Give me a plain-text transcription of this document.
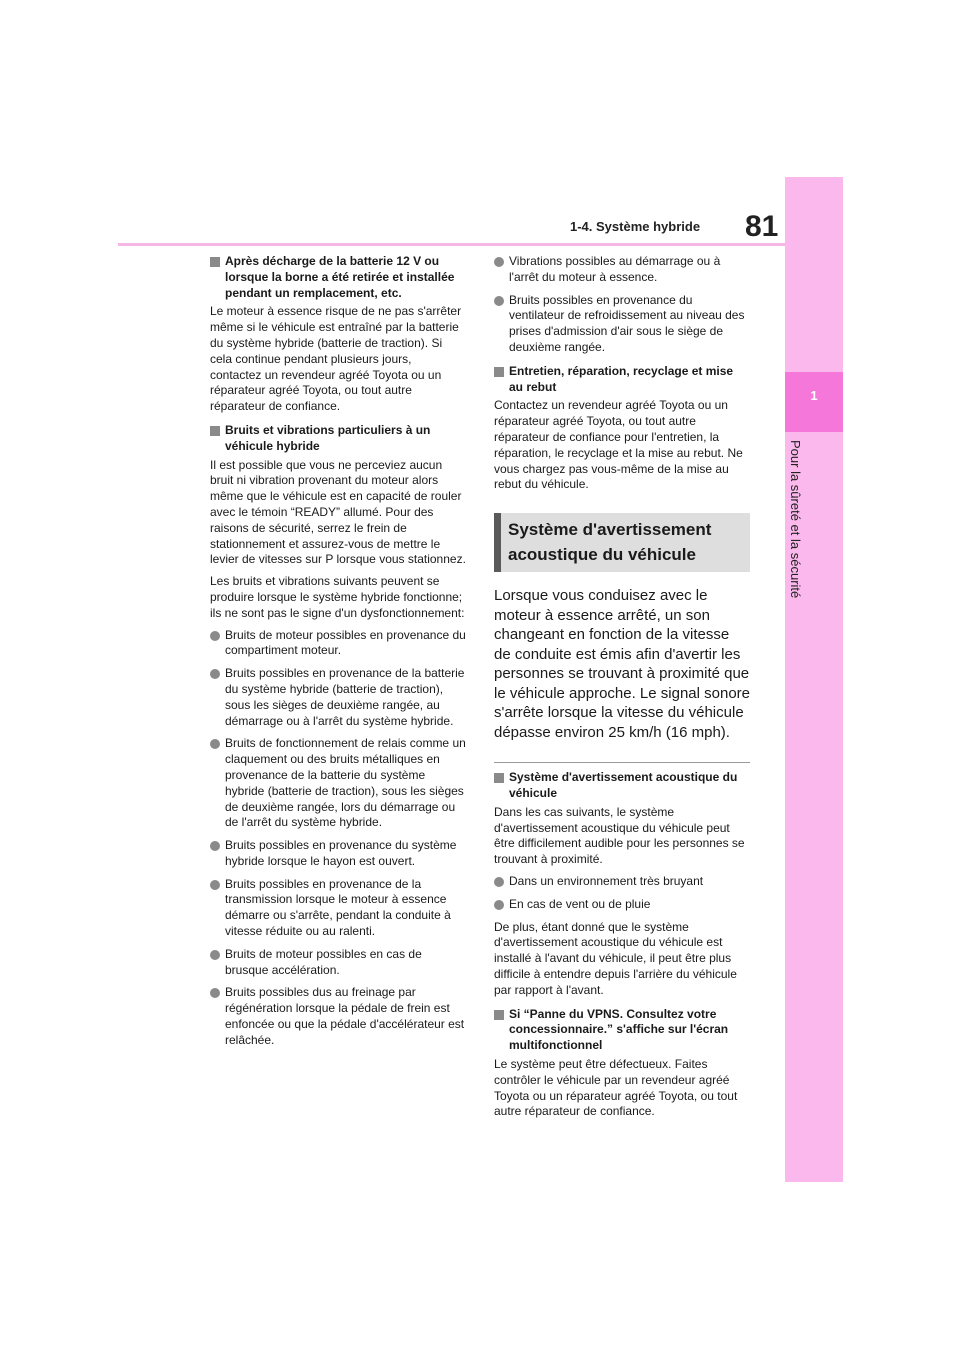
1-4. Système hybride 81
1
Pour la sûreté et la sécurité
Après décharge de la batterie 12 V ou lorsque la borne a été retirée et installée pendant un remplacement, etc.

Le moteur à essence risque de ne pas s'arrêter même si le véhicule est entraîné par la batterie du système hybride (batterie de traction). Si cela continue pendant plusieurs jours, contactez un revendeur agréé Toyota ou un réparateur agréé Toyota, ou tout autre réparateur de confiance.

Bruits et vibrations particuliers à un véhicule hybride

Il est possible que vous ne perceviez aucun bruit ni vibration provenant du moteur alors même que le véhicule est en capacité de rouler avec le témoin “READY” allumé. Pour des raisons de sécurité, serrez le frein de stationnement et assurez-vous de mettre le levier de vitesses sur P lorsque vous stationnez.

Les bruits et vibrations suivants peuvent se produire lorsque le système hybride fonctionne; ils ne sont pas le signe d'un dysfonctionnement:

Bruits de moteur possibles en provenance du compartiment moteur.
Bruits possibles en provenance de la batterie du système hybride (batterie de traction), sous les sièges de deuxième rangée, au démarrage ou à l'arrêt du système hybride.
Bruits de fonctionnement de relais comme un claquement ou des bruits métalliques en provenance de la batterie du système hybride (batterie de traction), sous les sièges de deuxième rangée, lors du démarrage ou de l'arrêt du système hybride.
Bruits possibles en provenance du système hybride lorsque le hayon est ouvert.
Bruits possibles en provenance de la transmission lorsque le moteur à essence démarre ou s'arrête, pendant la conduite à vitesse réduite ou au ralenti.
Bruits de moteur possibles en cas de brusque accélération.
Bruits possibles dus au freinage par régénération lorsque la pédale de frein est enfoncée ou que la pédale d'accélérateur est relâchée.
Vibrations possibles au démarrage ou à l'arrêt du moteur à essence.
Bruits possibles en provenance du ventilateur de refroidissement au niveau des prises d'admission d'air sous le siège de deuxième rangée.
Entretien, réparation, recyclage et mise au rebut

Contactez un revendeur agréé Toyota ou un réparateur agréé Toyota, ou tout autre réparateur de confiance pour l'entretien, la réparation, le recyclage et la mise au rebut. Ne vous chargez pas vous-même de la mise au rebut du véhicule.

Système d'avertissement acoustique du véhicule

Lorsque vous conduisez avec le moteur à essence arrêté, un son changeant en fonction de la vitesse de conduite est émis afin d'avertir les personnes se trouvant à proximité que le véhicule approche. Le signal sonore s'arrête lorsque la vitesse du véhicule dépasse environ 25 km/h (16 mph).

Système d'avertissement acoustique du véhicule

Dans les cas suivants, le système d'avertissement acoustique du véhicule peut être difficilement audible pour les personnes se trouvant à proximité.

Dans un environnement très bruyant
En cas de vent ou de pluie

De plus, étant donné que le système d'avertissement acoustique du véhicule est installé à l'avant du véhicule, il peut être plus difficile à entendre depuis l'arrière du véhicule par rapport à l'avant.

Si “Panne du VPNS. Consultez votre concessionnaire.” s'affiche sur l'écran multifonctionnel

Le système peut être défectueux. Faites contrôler le véhicule par un revendeur agréé Toyota ou un réparateur agréé Toyota, ou tout autre réparateur de confiance.
